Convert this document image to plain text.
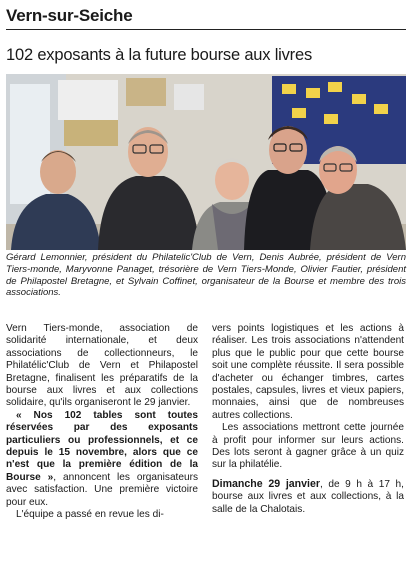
Vern-sur-Seiche
102 exposants à la future bourse aux livres
Gérard Lemonnier, président du Philatelic'Club de Vern, Denis Aubrée, président de Vern Tiers-monde, Maryvonne Panaget, trésorière de Vern Tiers-Monde, Olivier Fautier, président de Philapostel Bretagne, et Sylvain Coffinet, organisateur de la Bourse et membre des trois associations.

Vern Tiers-monde, association de solidarité internationale, et deux associations de collectionneurs, le Philatélic'Club de Vern et Philapostel Bretagne, finalisent les préparatifs de la bourse aux livres et aux collections solidaire, qu'ils organiseront le 29 janvier.

« Nos 102 tables sont toutes réservées par des exposants particuliers ou professionnels, et ce depuis le 15 novembre, alors que ce n'est que la première édition de la Bourse », annoncent les organisateurs avec satisfaction. Une première victoire pour eux.

L'équipe a passé en revue les di-

vers points logistiques et les actions à réaliser. Les trois associations n'attendent plus que le public pour que cette bourse soit une complète réussite. Il sera possible d'acheter ou échanger timbres, cartes postales, capsules, livres et vieux papiers, monnaies, ainsi que de nombreuses autres collections.

Les associations mettront cette journée à profit pour informer sur leurs actions. Des lots seront à gagner grâce à un quiz sur la philatélie.

Dimanche 29 janvier, de 9 h à 17 h, bourse aux livres et aux collections, à la salle de la Chalotais.
